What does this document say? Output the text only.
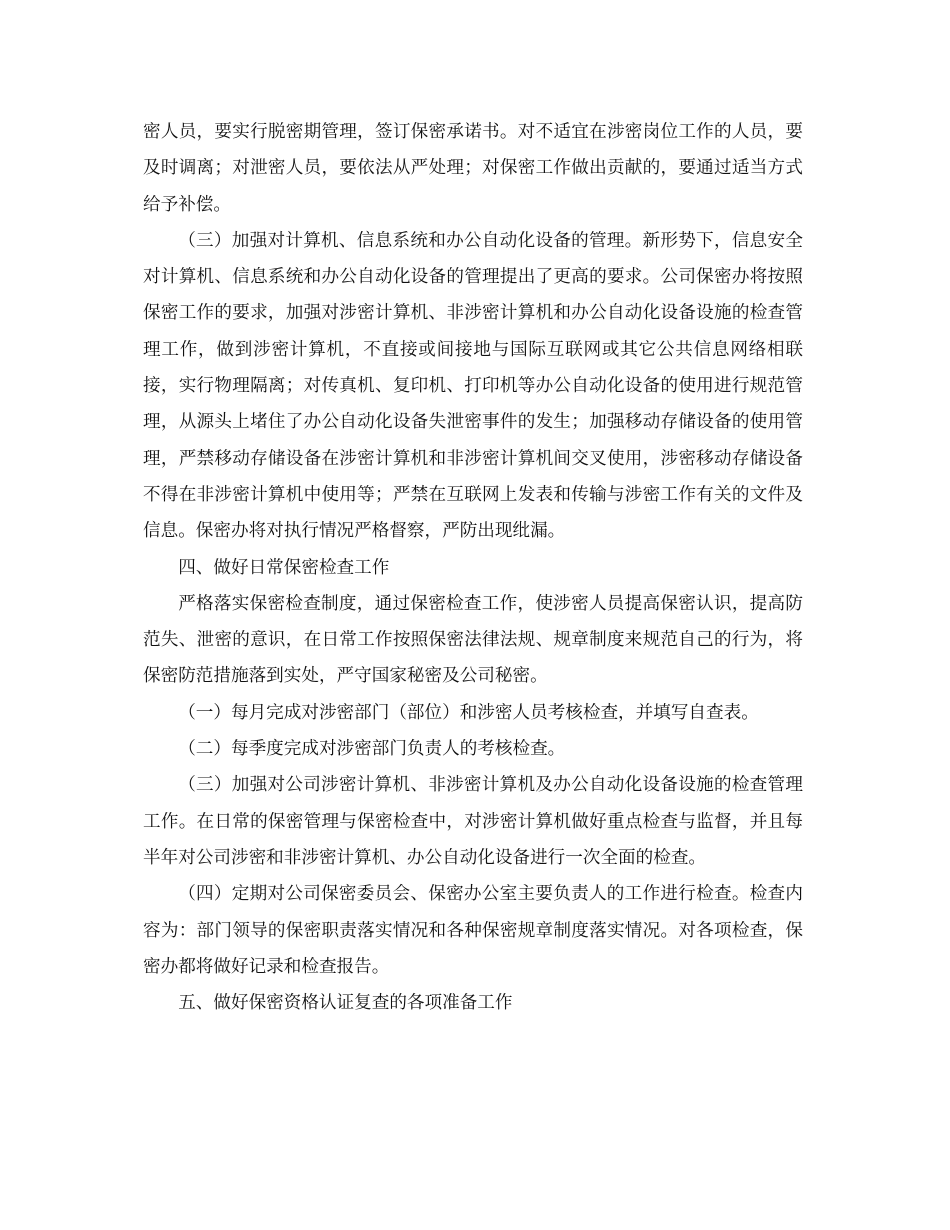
密人员，要实行脱密期管理，签订保密承诺书。对不适宜在涉密岗位工作的人员，要及时调离；对泄密人员，要依法从严处理；对保密工作做出贡献的，要通过适当方式给予补偿。

（三）加强对计算机、信息系统和办公自动化设备的管理。新形势下，信息安全对计算机、信息系统和办公自动化设备的管理提出了更高的要求。公司保密办将按照保密工作的要求，加强对涉密计算机、非涉密计算机和办公自动化设备设施的检查管理工作，做到涉密计算机，不直接或间接地与国际互联网或其它公共信息网络相联接，实行物理隔离；对传真机、复印机、打印机等办公自动化设备的使用进行规范管理，从源头上堵住了办公自动化设备失泄密事件的发生；加强移动存储设备的使用管理，严禁移动存储设备在涉密计算机和非涉密计算机间交叉使用，涉密移动存储设备不得在非涉密计算机中使用等；严禁在互联网上发表和传输与涉密工作有关的文件及信息。保密办将对执行情况严格督察，严防出现纰漏。

四、做好日常保密检查工作

严格落实保密检查制度，通过保密检查工作，使涉密人员提高保密认识，提高防范失、泄密的意识，在日常工作按照保密法律法规、规章制度来规范自己的行为，将保密防范措施落到实处，严守国家秘密及公司秘密。

（一）每月完成对涉密部门（部位）和涉密人员考核检查，并填写自查表。

（二）每季度完成对涉密部门负责人的考核检查。

（三）加强对公司涉密计算机、非涉密计算机及办公自动化设备设施的检查管理工作。在日常的保密管理与保密检查中，对涉密计算机做好重点检查与监督，并且每半年对公司涉密和非涉密计算机、办公自动化设备进行一次全面的检查。

（四）定期对公司保密委员会、保密办公室主要负责人的工作进行检查。检查内容为：部门领导的保密职责落实情况和各种保密规章制度落实情况。对各项检查，保密办都将做好记录和检查报告。

五、做好保密资格认证复查的各项准备工作
